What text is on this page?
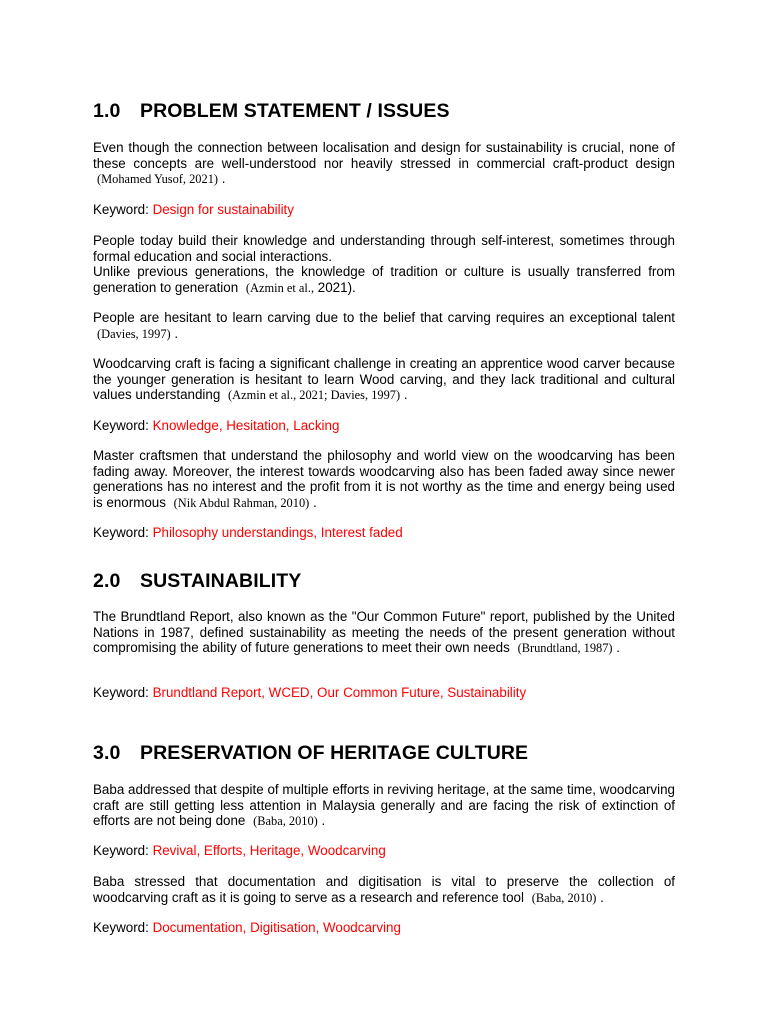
1.0 PROBLEM STATEMENT / ISSUES

Even though the connection between localisation and design for sustainability is crucial, none of these concepts are well-understood nor heavily stressed in commercial craft-product design (Mohamed Yusof, 2021) .

Keyword: Design for sustainability

People today build their knowledge and understanding through self-interest, sometimes through formal education and social interactions.
Unlike previous generations, the knowledge of tradition or culture is usually transferred from generation to generation (Azmin et al., 2021).

People are hesitant to learn carving due to the belief that carving requires an exceptional talent (Davies, 1997) .

Woodcarving craft is facing a significant challenge in creating an apprentice wood carver because the younger generation is hesitant to learn Wood carving, and they lack traditional and cultural values understanding (Azmin et al., 2021; Davies, 1997) .

Keyword: Knowledge, Hesitation, Lacking

Master craftsmen that understand the philosophy and world view on the woodcarving has been fading away. Moreover, the interest towards woodcarving also has been faded away since newer generations has no interest and the profit from it is not worthy as the time and energy being used is enormous (Nik Abdul Rahman, 2010) .

Keyword: Philosophy understandings, Interest faded
2.0 SUSTAINABILITY

The Brundtland Report, also known as the "Our Common Future" report, published by the United Nations in 1987, defined sustainability as meeting the needs of the present generation without compromising the ability of future generations to meet their own needs (Brundtland, 1987) .

Keyword: Brundtland Report, WCED, Our Common Future, Sustainability
3.0 PRESERVATION OF HERITAGE CULTURE

Baba addressed that despite of multiple efforts in reviving heritage, at the same time, woodcarving craft are still getting less attention in Malaysia generally and are facing the risk of extinction of efforts are not being done (Baba, 2010) .

Keyword: Revival, Efforts, Heritage, Woodcarving

Baba stressed that documentation and digitisation is vital to preserve the collection of woodcarving craft as it is going to serve as a research and reference tool (Baba, 2010) .

Keyword: Documentation, Digitisation, Woodcarving
